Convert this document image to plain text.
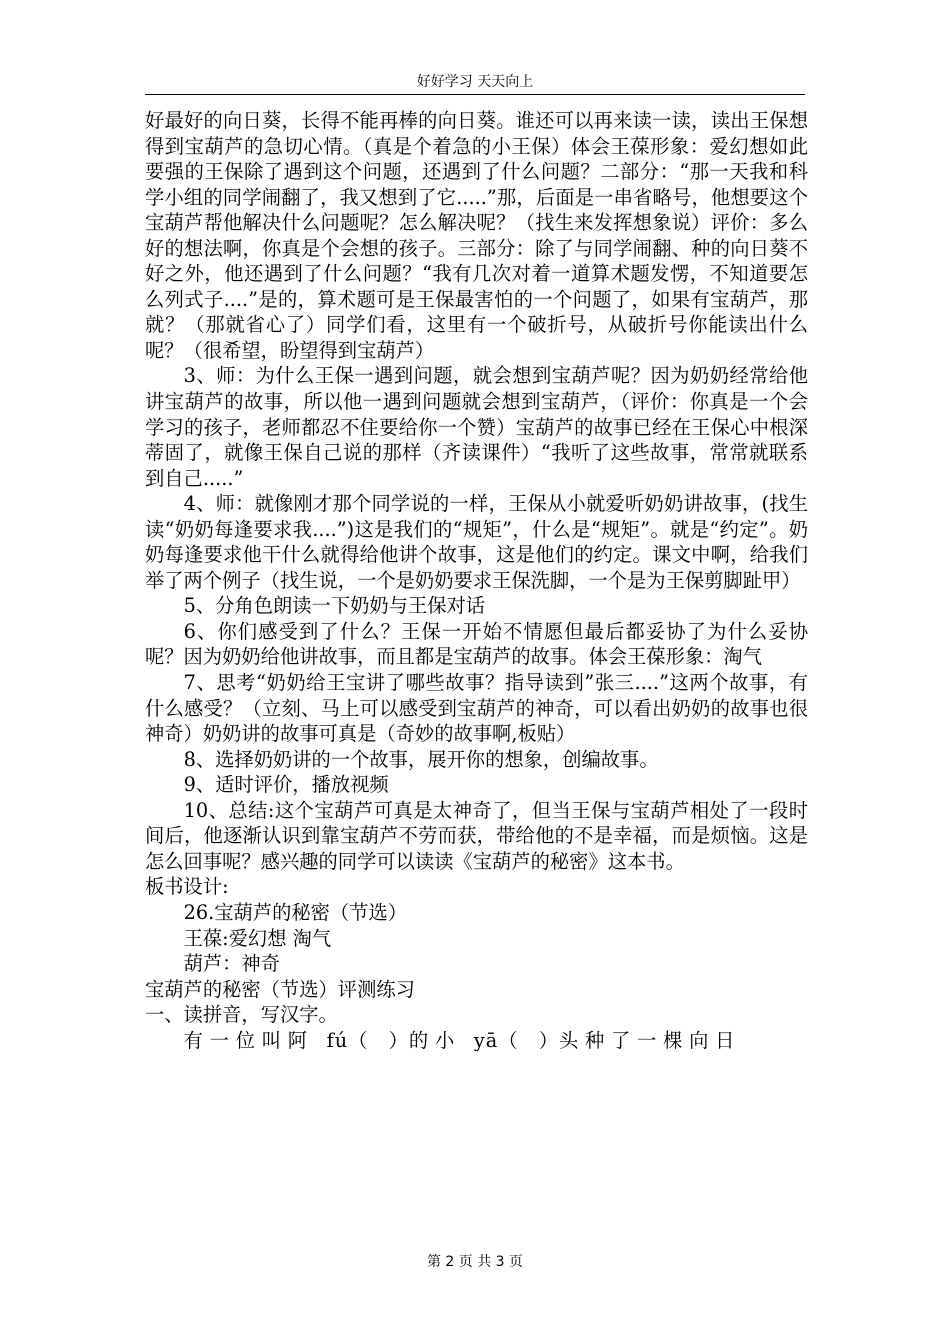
好好学习 天天向上

好最好的向日葵，长得不能再棒的向日葵。谁还可以再来读一读，读出王保想得到宝葫芦的急切心情。（真是个着急的小王保）体会王葆形象：爱幻想如此要强的王保除了遇到这个问题，还遇到了什么问题？二部分：“那一天我和科学小组的同学闹翻了，我又想到了它.....”那，后面是一串省略号，他想要这个宝葫芦帮他解决什么问题呢？怎么解决呢？（找生来发挥想象说）评价：多么好的想法啊，你真是个会想的孩子。三部分：除了与同学闹翻、种的向日葵不好之外，他还遇到了什么问题？“我有几次对着一道算术题发愣，不知道要怎么列式子....”是的，算术题可是王保最害怕的一个问题了，如果有宝葫芦，那就？（那就省心了）同学们看，这里有一个破折号，从破折号你能读出什么呢？（很希望，盼望得到宝葫芦）

3、师：为什么王保一遇到问题，就会想到宝葫芦呢？因为奶奶经常给他讲宝葫芦的故事，所以他一遇到问题就会想到宝葫芦，（评价：你真是一个会学习的孩子，老师都忍不住要给你一个赞）宝葫芦的故事已经在王保心中根深蒂固了，就像王保自己说的那样（齐读课件）“我听了这些故事，常常就联系到自己.....”

4、师：就像刚才那个同学说的一样，王保从小就爱听奶奶讲故事，(找生读“奶奶每逢要求我....”)这是我们的“规矩”，什么是“规矩”。就是“约定”。奶奶每逢要求他干什么就得给他讲个故事，这是他们的约定。课文中啊，给我们举了两个例子（找生说，一个是奶奶要求王保洗脚，一个是为王保剪脚趾甲）

5、分角色朗读一下奶奶与王保对话

6、你们感受到了什么？王保一开始不情愿但最后都妥协了为什么妥协呢？因为奶奶给他讲故事，而且都是宝葫芦的故事。体会王葆形象：淘气

7、思考“奶奶给王宝讲了哪些故事？指导读到”张三....”这两个故事，有什么感受？（立刻、马上可以感受到宝葫芦的神奇，可以看出奶奶的故事也很神奇）奶奶讲的故事可真是（奇妙的故事啊,板贴）

8、选择奶奶讲的一个故事，展开你的想象，创编故事。

9、适时评价，播放视频

10、总结:这个宝葫芦可真是太神奇了，但当王保与宝葫芦相处了一段时间后，他逐渐认识到靠宝葫芦不劳而获，带给他的不是幸福，而是烦恼。这是怎么回事呢？感兴趣的同学可以读读《宝葫芦的秘密》这本书。

板书设计:

26.宝葫芦的秘密（节选）

王葆:爱幻想 淘气

葫芦：神奇

宝葫芦的秘密（节选）评测练习

一、读拼音，写汉字。

有一位叫阿 fú（　）的小 yā（　）头种了一棵向日

第 2 页 共 3 页
